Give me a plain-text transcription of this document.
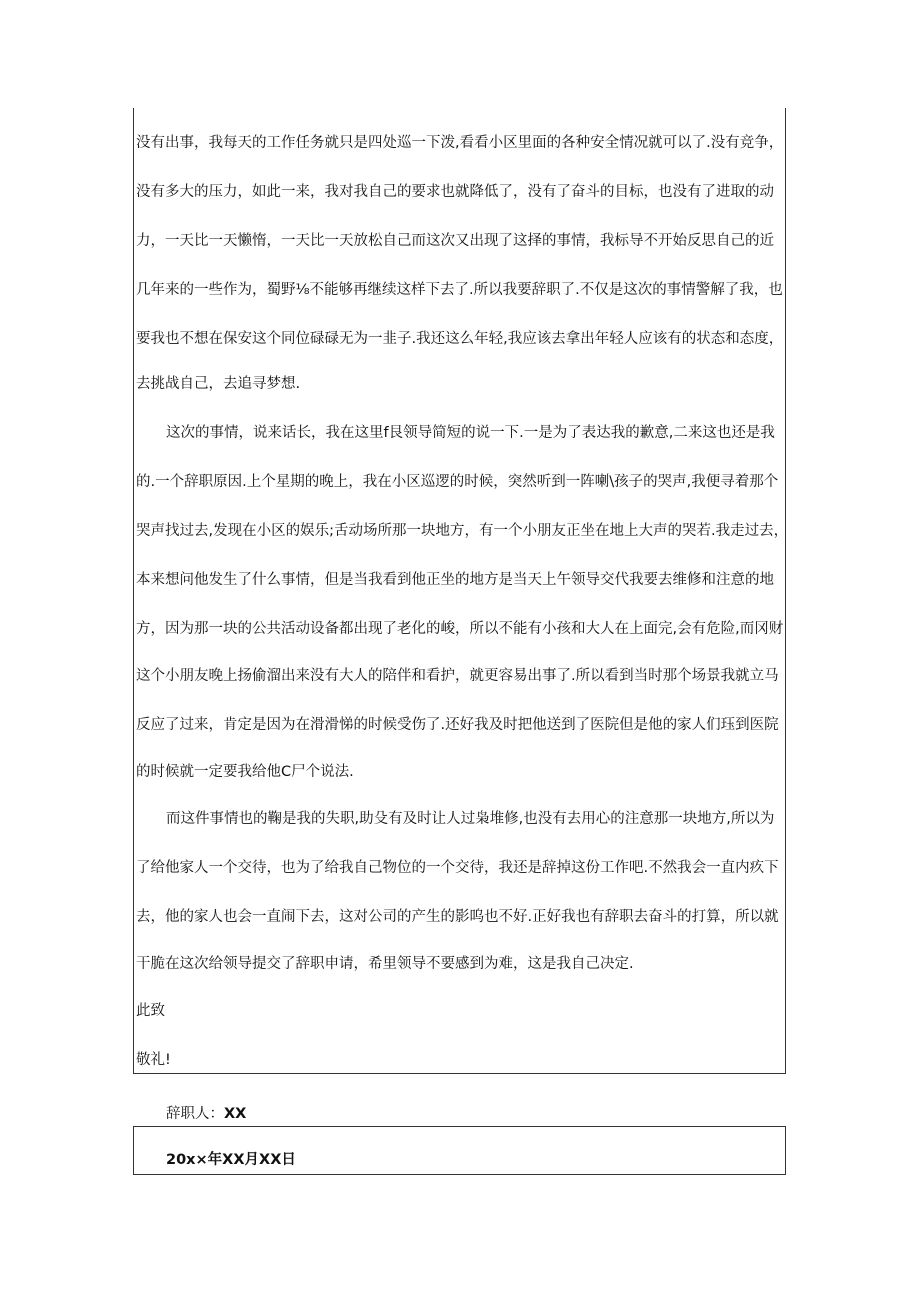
没有出事，我每天的工作任务就只是四处巡一下泼,看看小区里面的各种安全情况就可以了.没有竞争，
没有多大的压力，如此一来，我对我自己的要求也就降低了，没有了奋斗的目标，也没有了进取的动
力，一天比一天懒惰，一天比一天放松自己而这次又出现了这择的事情，我标导不开始反思自己的近
几年来的一些作为，蜀野⅛不能够再继续这样下去了.所以我要辞职了.不仅是这次的事情警解了我，也
要我也不想在保安这个同位碌碌无为一韭子.我还这么年轻,我应该去拿出年轻人应该有的状态和态度，
去挑战自己，去追寻梦想.
这次的事情，说来话长，我在这里f艮领导简短的说一下.一是为了表达我的歉意,二来这也还是我
的.一个辞职原因.上个星期的晚上，我在小区巡逻的时候，突然听到一阵喇\孩子的哭声,我便寻着那个
哭声找过去,发现在小区的娱乐;舌动场所那一块地方，有一个小朋友正坐在地上大声的哭若.我走过去，
本来想问他发生了什么事情，但是当我看到他正坐的地方是当天上午领导交代我要去维修和注意的地
方，因为那一块的公共活动设备都出现了老化的峻，所以不能有小孩和大人在上面完,会有危险,而冈财
这个小朋友晚上扬偷溜出来没有大人的陪伴和看护，就更容易出事了.所以看到当时那个场景我就立马
反应了过来，肯定是因为在滑滑悌的时候受伤了.还好我及时把他送到了医院但是他的家人们珏到医院
的时候就一定要我给他C尸个说法.
而这件事情也的鞠是我的失职,助殳有及时让人过枭堆修,也没有去用心的注意那一块地方,所以为
了给他家人一个交待，也为了给我自己物位的一个交待，我还是辞掉这份工作吧.不然我会一直内疚下
去，他的家人也会一直闹下去，这对公司的产生的影呜也不好.正好我也有辞职去奋斗的打算，所以就
干脆在这次给领导提交了辞职申请，希里领导不要感到为难，这是我自己决定.
此致
敬礼!
辞职人：XX
20x×年XX月XX日
